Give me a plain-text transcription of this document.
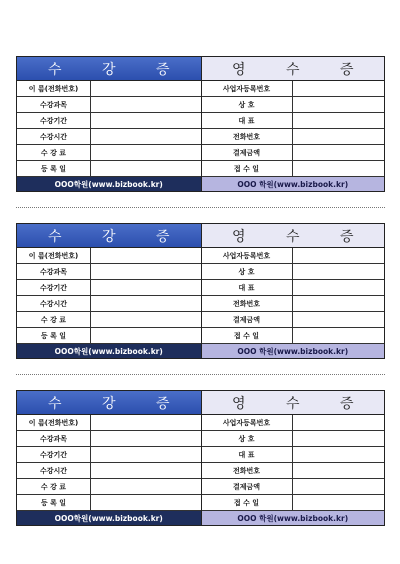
수 강 증
이 름(전화번호)
수강과목
수강기간
수강시간
수 강 료
등 록 일
OOO학원(www.bizbook.kr)
영 수 증
사업자등록번호
상 호
대 표
전화번호
결제금액
접 수 일
OOO 학원(www.bizbook.kr)
수 강 증
이 름(전화번호)
수강과목
수강기간
수강시간
수 강 료
등 록 일
OOO학원(www.bizbook.kr)
영 수 증
사업자등록번호
상 호
대 표
전화번호
결제금액
접 수 일
OOO 학원(www.bizbook.kr)
수 강 증
이 름(전화번호)
수강과목
수강기간
수강시간
수 강 료
등 록 일
OOO학원(www.bizbook.kr)
영 수 증
사업자등록번호
상 호
대 표
전화번호
결제금액
접 수 일
OOO 학원(www.bizbook.kr)
